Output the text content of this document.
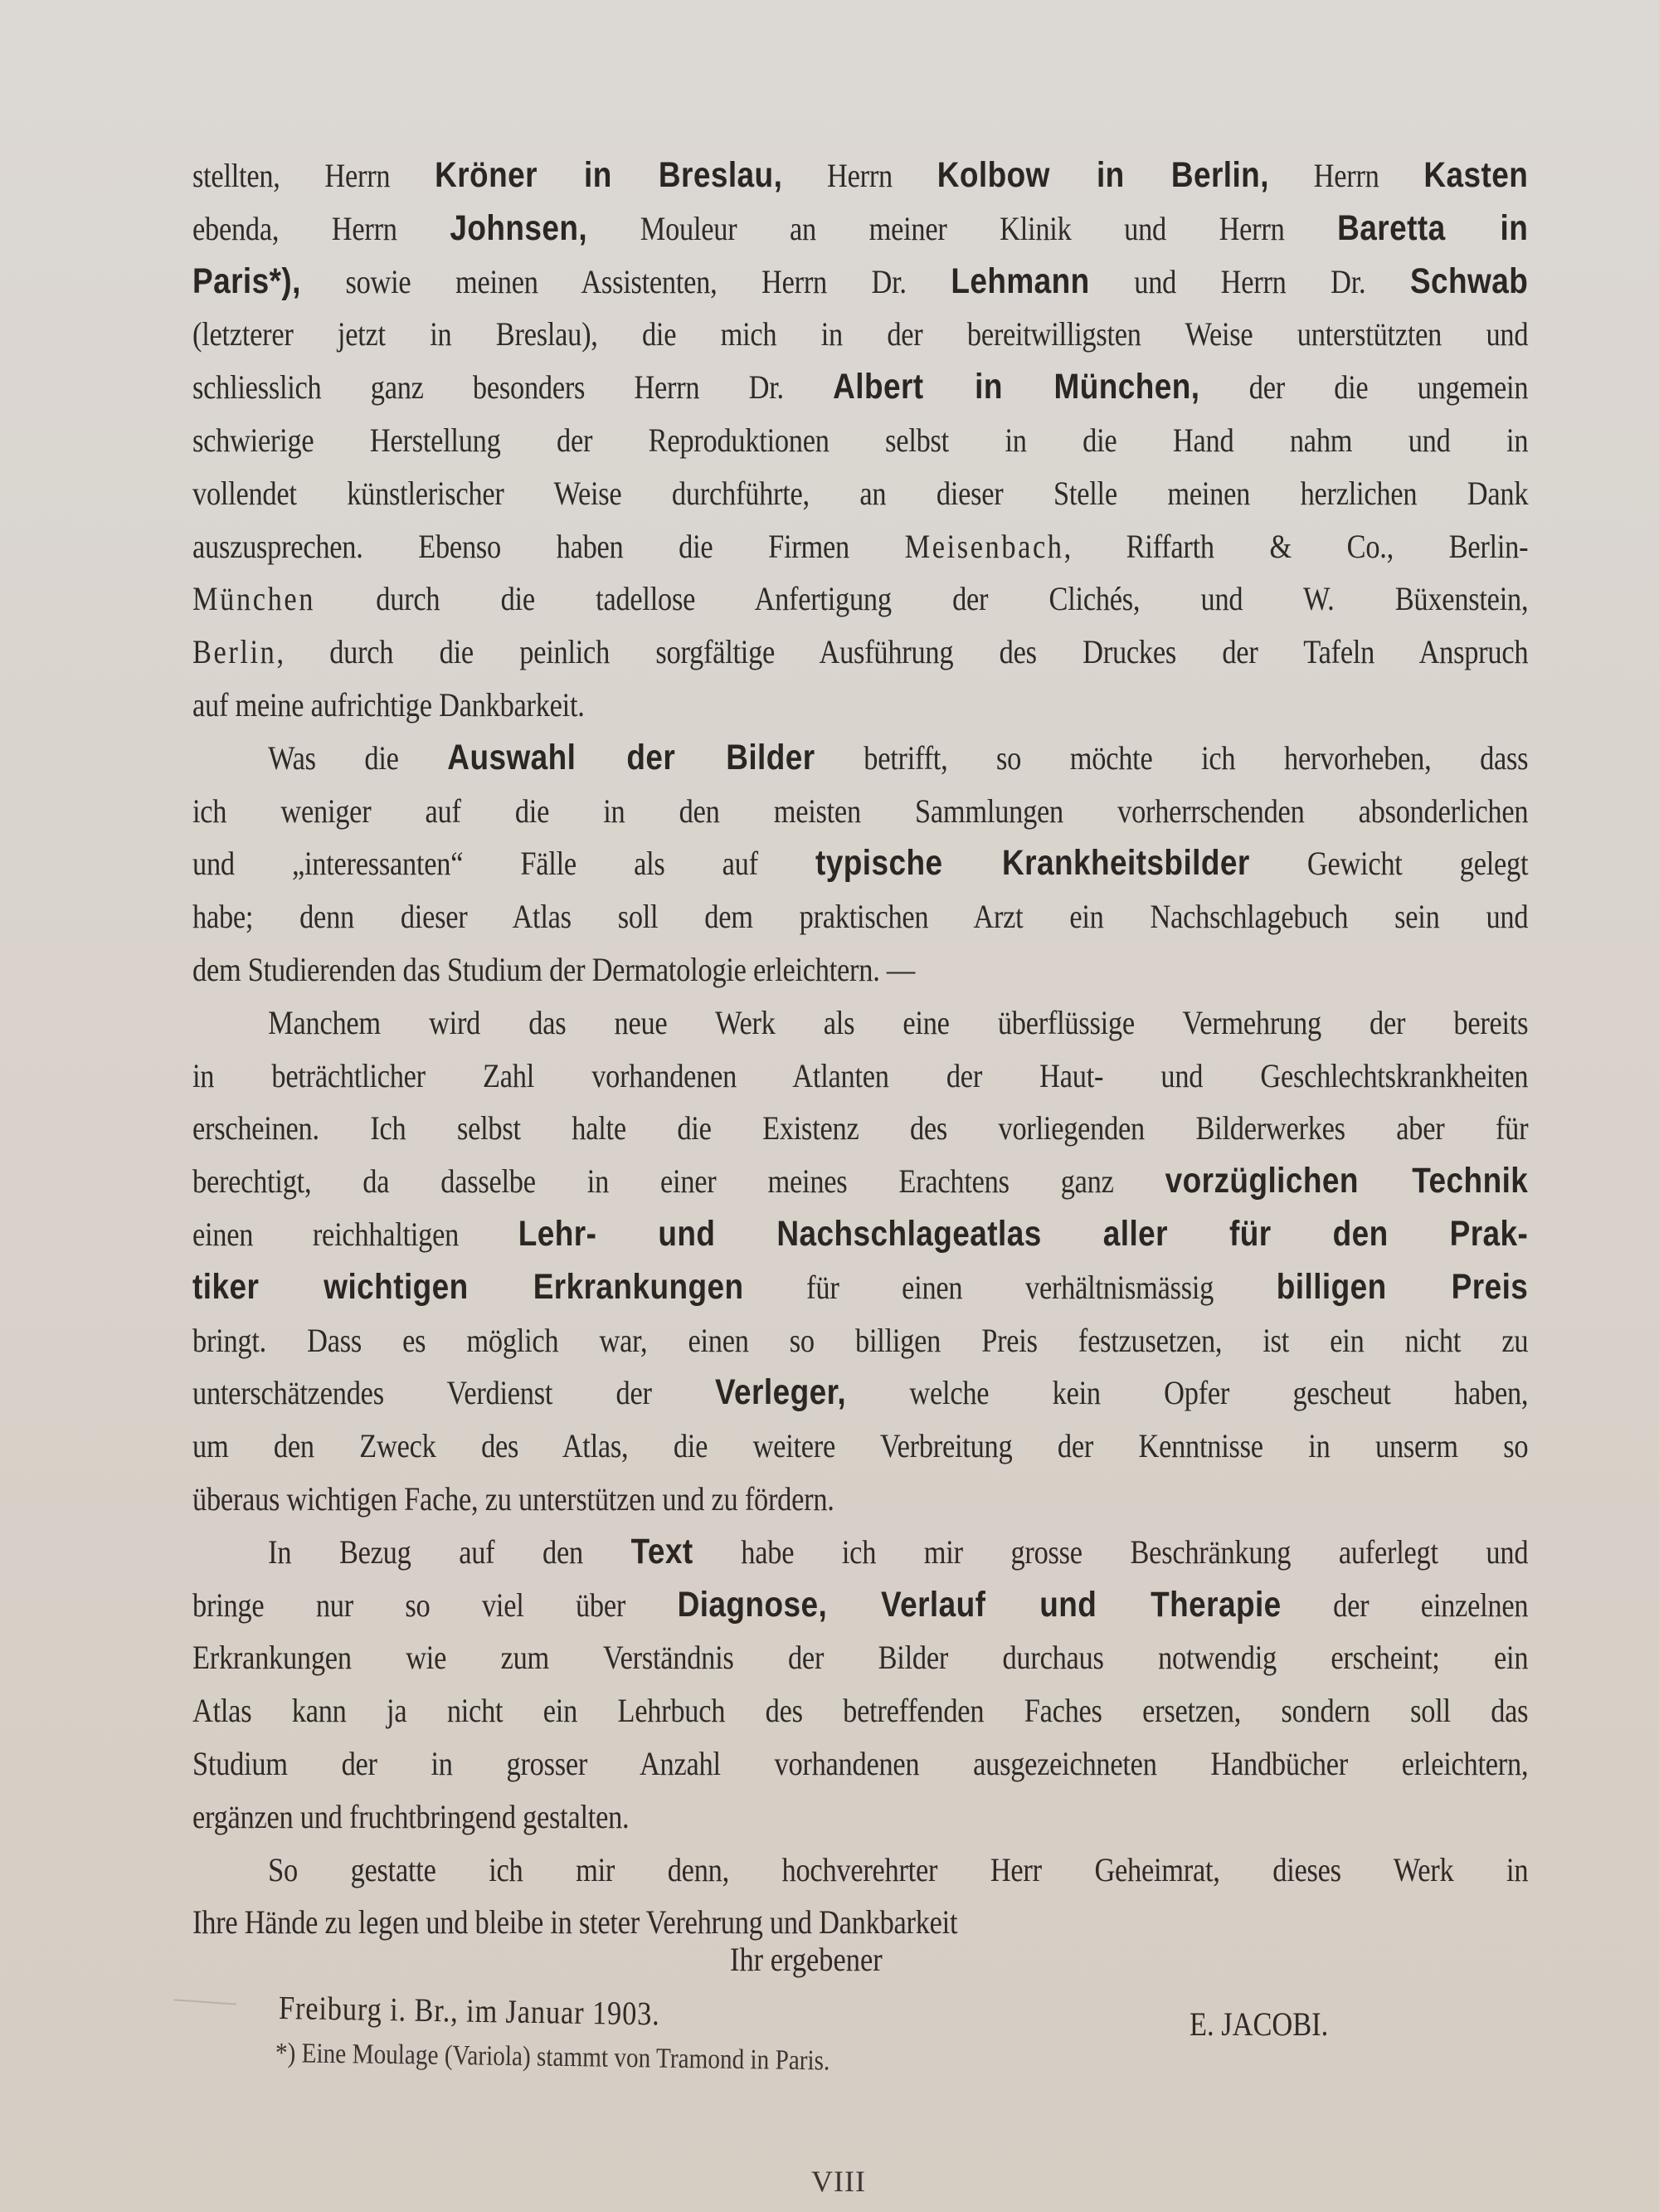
stellten, Herrn Kröner in Breslau, Herrn Kolbow in Berlin, Herrn Kasten
ebenda, Herrn Johnsen, Mouleur an meiner Klinik und Herrn Baretta in
Paris*), sowie meinen Assistenten, Herrn Dr. Lehmann und Herrn Dr. Schwab
(letzterer jetzt in Breslau), die mich in der bereitwilligsten Weise unterstützten und
schliesslich ganz besonders Herrn Dr. Albert in München, der die ungemein
schwierige Herstellung der Reproduktionen selbst in die Hand nahm und in
vollendet künstlerischer Weise durchführte, an dieser Stelle meinen herzlichen Dank
auszusprechen. Ebenso haben die Firmen Meisenbach, Riffarth & Co., Berlin-
München durch die tadellose Anfertigung der Clichés, und W. Büxenstein,
Berlin, durch die peinlich sorgfältige Ausführung des Druckes der Tafeln Anspruch
auf meine aufrichtige Dankbarkeit.
Was die Auswahl der Bilder betrifft, so möchte ich hervorheben, dass
ich weniger auf die in den meisten Sammlungen vorherrschenden absonderlichen
und „interessanten“ Fälle als auf typische Krankheitsbilder Gewicht gelegt
habe; denn dieser Atlas soll dem praktischen Arzt ein Nachschlagebuch sein und
dem Studierenden das Studium der Dermatologie erleichtern. —
Manchem wird das neue Werk als eine überflüssige Vermehrung der bereits
in beträchtlicher Zahl vorhandenen Atlanten der Haut- und Geschlechtskrankheiten
erscheinen. Ich selbst halte die Existenz des vorliegenden Bilderwerkes aber für
berechtigt, da dasselbe in einer meines Erachtens ganz vorzüglichen Technik
einen reichhaltigen Lehr- und Nachschlageatlas aller für den Prak-
tiker wichtigen Erkrankungen für einen verhältnismässig billigen Preis
bringt. Dass es möglich war, einen so billigen Preis festzusetzen, ist ein nicht zu
unterschätzendes Verdienst der Verleger, welche kein Opfer gescheut haben,
um den Zweck des Atlas, die weitere Verbreitung der Kenntnisse in unserm so
überaus wichtigen Fache, zu unterstützen und zu fördern.
In Bezug auf den Text habe ich mir grosse Beschränkung auferlegt und
bringe nur so viel über Diagnose, Verlauf und Therapie der einzelnen
Erkrankungen wie zum Verständnis der Bilder durchaus notwendig erscheint; ein
Atlas kann ja nicht ein Lehrbuch des betreffenden Faches ersetzen, sondern soll das
Studium der in grosser Anzahl vorhandenen ausgezeichneten Handbücher erleichtern,
ergänzen und fruchtbringend gestalten.
So gestatte ich mir denn, hochverehrter Herr Geheimrat, dieses Werk in
Ihre Hände zu legen und bleibe in steter Verehrung und Dankbarkeit
Ihr ergebener
Freiburg i. Br., im Januar 1903.	E. JACOBI.
*) Eine Moulage (Variola) stammt von Tramond in Paris.
VIII
